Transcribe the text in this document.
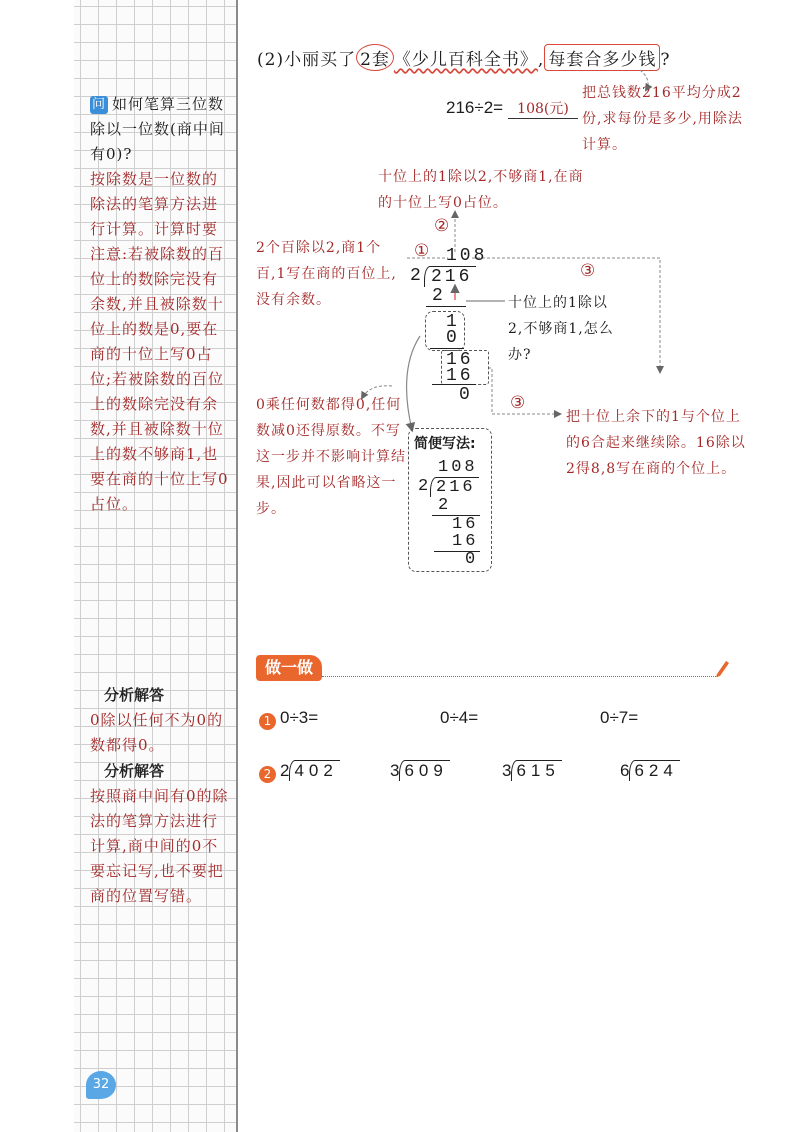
问 如何笔算三位数除以一位数(商中间有0)?
按除数是一位数的除法的笔算方法进行计算。计算时要注意:若被除数的百位上的数除完没有余数,并且被除数十位上的数是0,要在商的十位上写0占位;若被除数的百位上的数除完没有余数,并且被除数十位上的数不够商1,也要在商的十位上写0占位。
分析解答
0除以任何不为0的数都得0。
分析解答
按照商中间有0的除法的笔算方法进行计算,商中间的0不要忘记写,也不要把商的位置写错。
32
(2)小丽买了 2套 《少儿百科全书》, 每套合多少钱 ?
216÷2=	108(元)
把总钱数216平均分成2份,求每份是多少,用除法计算。
108
2 216
2
1
0
16
16
0
①
②
③
③
十位上的1除以2,不够商1,在商的十位上写0占位。
2个百除以2,商1个百,1写在商的百位上,没有余数。	十位上的1除以2,不够商1,怎么办?
0乘任何数都得0,任何数减0还得原数。不写这一步并不影响计算结果,因此可以省略这一步。
把十位上余下的1与个位上的6合起来继续除。16除以2得8,8写在商的个位上。
简便写法:
108
2 216
2
16
16
0
做一做
1 0÷3=	0÷4=	0÷7=
2 2 402	3 609	3 615	6 624
